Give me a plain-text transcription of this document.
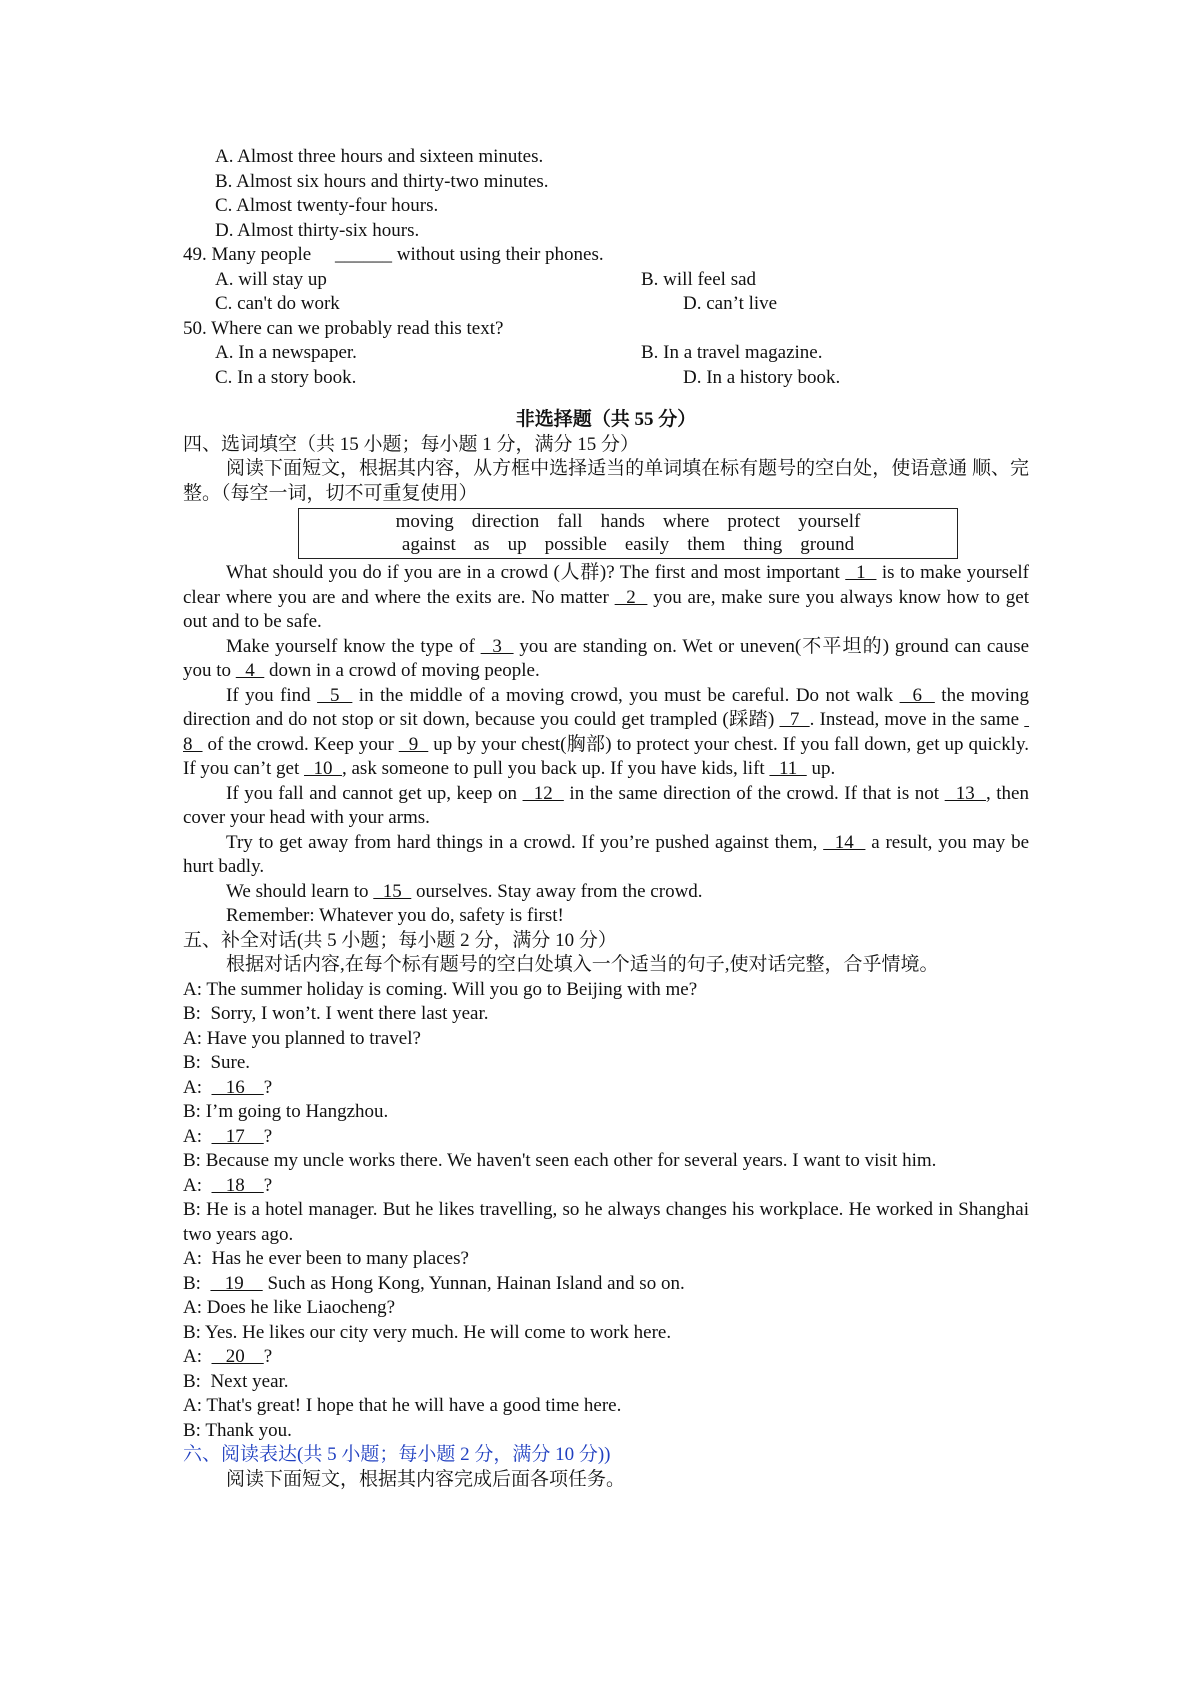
A. Almost three hours and sixteen minutes.
B. Almost six hours and thirty-two minutes.
C. Almost twenty-four hours.
D. Almost thirty-six hours.
49. Many people     ______ without using their phones.
A. will stay up	B. will feel sad
C. can't do work	D. can’t live
50. Where can we probably read this text?
A. In a newspaper.	B. In a travel magazine.
C. In a story book.	D. In a history book.
非选择题（共 55 分）
四、选词填空（共 15 小题；每小题 1 分，满分 15 分）
阅读下面短文，根据其内容，从方框中选择适当的单词填在标有题号的空白处，使语意通 顺、完整。（每空一词，切不可重复使用）
moving direction fall hands where protect yourself
against as up possible easily them thing ground
What should you do if you are in a crowd (人群)? The first and most important   1   is to make yourself clear where you are and where the exits are. No matter   2   you are, make sure you always know how to get out and to be safe.
Make yourself know the type of   3   you are standing on. Wet or uneven(不平坦的) ground can cause you to   4   down in a crowd of moving people.
If you find   5   in the middle of a moving crowd, you must be careful. Do not walk   6   the moving direction and do not stop or sit down, because you could get trampled (踩踏)   7  . Instead, move in the same   8   of the crowd. Keep your   9   up by your chest(胸部) to protect your chest. If you fall down, get up quickly. If you can’t get   10  , ask someone to pull you back up. If you have kids, lift   11   up.
If you fall and cannot get up, keep on   12   in the same direction of the crowd. If that is not   13  , then cover your head with your arms.
Try to get away from hard things in a crowd. If you’re pushed against them,   14   a result, you may be hurt badly.
We should learn to   15   ourselves. Stay away from the crowd.
Remember: Whatever you do, safety is first!
五、补全对话(共 5 小题；每小题 2 分，满分 10 分）
根据对话内容,在每个标有题号的空白处填入一个适当的句子,使对话完整，合乎情境。
A: The summer holiday is coming. Will you go to Beijing with me?
B:  Sorry, I won’t. I went there last year.
A: Have you planned to travel?
B:  Sure.
A:     16    ?
B: I’m going to Hangzhou.
A:     17    ?
B: Because my uncle works there. We haven't seen each other for several years. I want to visit him.
A:     18    ?
B: He is a hotel manager. But he likes travelling, so he always changes his workplace. He worked in Shanghai two years ago.
A:  Has he ever been to many places?
B:     19     Such as Hong Kong, Yunnan, Hainan Island and so on.
A: Does he like Liaocheng?
B: Yes. He likes our city very much. He will come to work here.
A:     20    ?
B:  Next year.
A: That's great! I hope that he will have a good time here.
B: Thank you.
六、阅读表达(共 5 小题；每小题 2 分，满分 10 分))
阅读下面短文，根据其内容完成后面各项任务。
